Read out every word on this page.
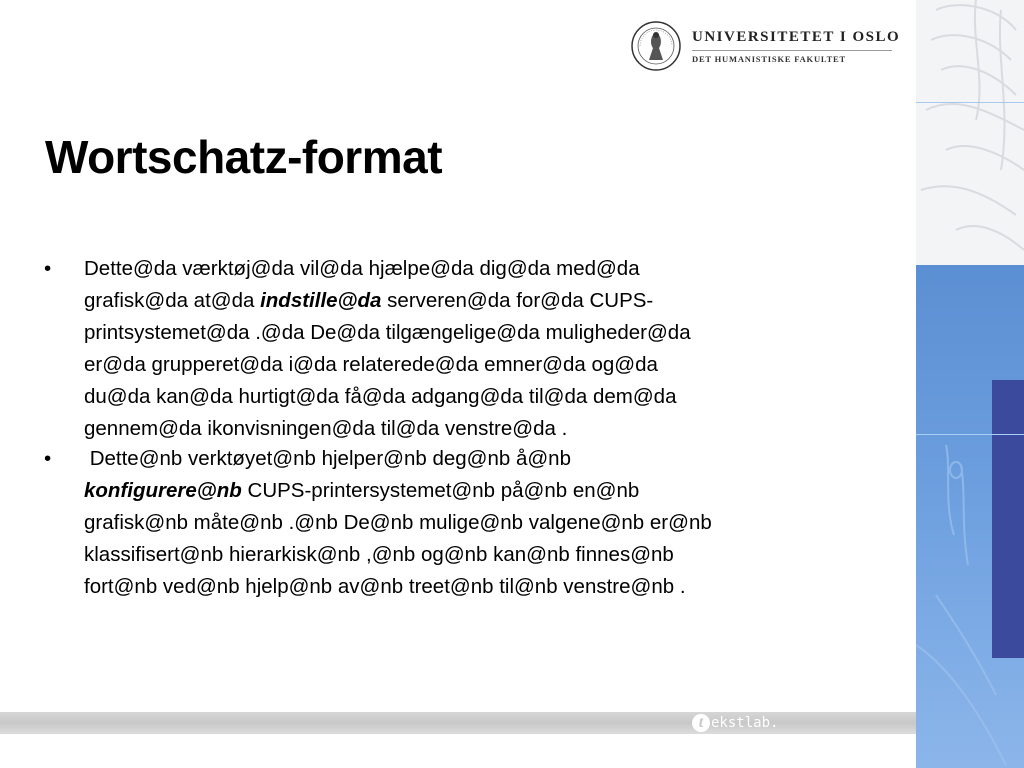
UNIVERSITETET I OSLO
DET HUMANISTISKE FAKULTET
Wortschatz-format
•	Dette@da værktøj@da vil@da hjælpe@da dig@da med@da
grafisk@da at@da indstille@da serveren@da for@da CUPS-
printsystemet@da .@da De@da tilgængelige@da muligheder@da
er@da grupperet@da i@da relaterede@da emner@da og@da
du@da kan@da hurtigt@da få@da adgang@da til@da dem@da
gennem@da ikonvisningen@da til@da venstre@da .
•	Dette@nb verktøyet@nb hjelper@nb deg@nb å@nb
konfigurere@nb CUPS-printersystemet@nb på@nb en@nb
grafisk@nb måte@nb .@nb De@nb mulige@nb valgene@nb er@nb
klassifisert@nb hierarkisk@nb ,@nb og@nb kan@nb finnes@nb
fort@nb ved@nb hjelp@nb av@nb treet@nb til@nb venstre@nb .
t ekstlab.
